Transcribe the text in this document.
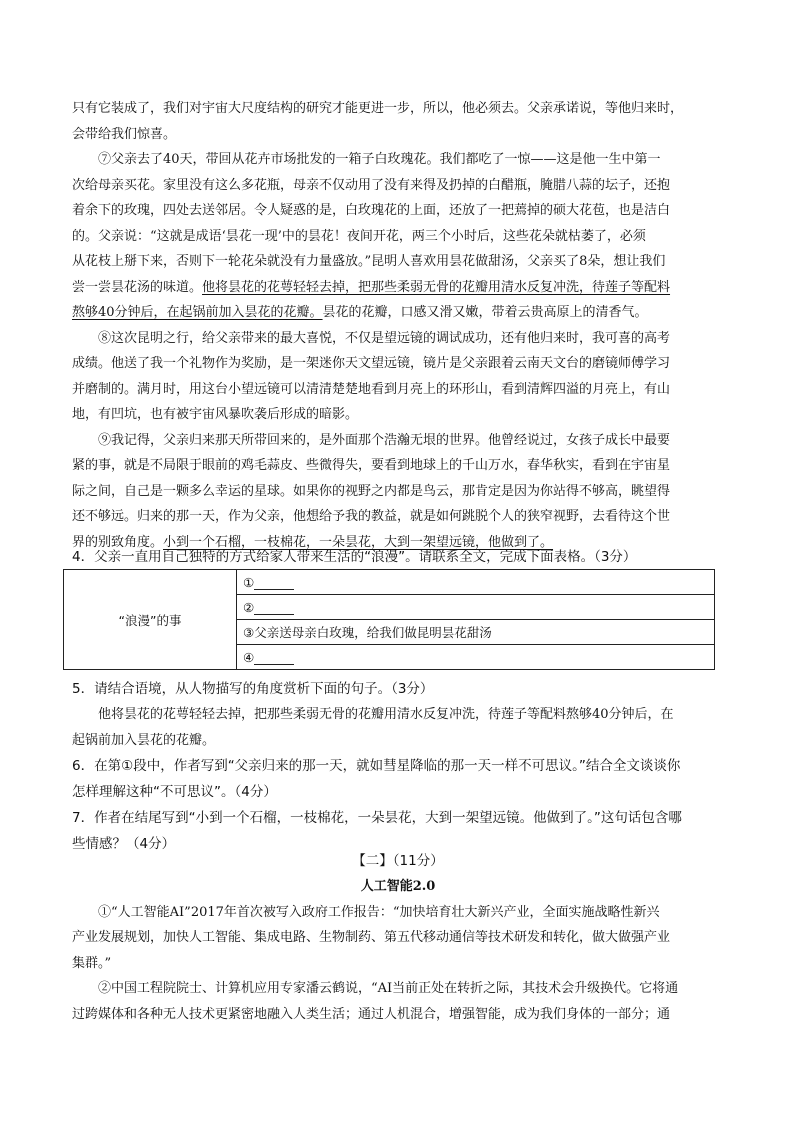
只有它装成了，我们对宇宙大尺度结构的研究才能更进一步，所以，他必须去。父亲承诺说，等他归来时，

会带给我们惊喜。

⑦父亲去了40天，带回从花卉市场批发的一箱子白玫瑰花。我们都吃了一惊——这是他一生中第一

次给母亲买花。家里没有这么多花瓶，母亲不仅动用了没有来得及扔掉的白醋瓶，腌腊八蒜的坛子，还抱

着余下的玫瑰，四处去送邻居。令人疑惑的是，白玫瑰花的上面，还放了一把蔫掉的硕大花苞，也是洁白

的。父亲说：“这就是成语‘昙花一现’中的昙花！夜间开花，两三个小时后，这些花朵就枯萎了，必须

从花枝上掰下来，否则下一轮花朵就没有力量盛放。”昆明人喜欢用昙花做甜汤，父亲买了8朵，想让我们

尝一尝昙花汤的味道。他将昙花的花萼轻轻去掉，把那些柔弱无骨的花瓣用清水反复冲洗，待莲子等配料

熬够40分钟后，在起锅前加入昙花的花瓣。昙花的花瓣，口感又滑又嫩，带着云贵高原上的清香气。

⑧这次昆明之行，给父亲带来的最大喜悦，不仅是望远镜的调试成功，还有他归来时，我可喜的高考

成绩。他送了我一个礼物作为奖励，是一架迷你天文望远镜，镜片是父亲跟着云南天文台的磨镜师傅学习

并磨制的。满月时，用这台小望远镜可以清清楚楚地看到月亮上的环形山，看到清辉四溢的月亮上，有山

地，有凹坑，也有被宇宙风暴吹袭后形成的暗影。

⑨我记得，父亲归来那天所带回来的，是外面那个浩瀚无垠的世界。他曾经说过，女孩子成长中最要

紧的事，就是不局限于眼前的鸡毛蒜皮、些微得失，要看到地球上的千山万水，春华秋实，看到在宇宙星

际之间，自己是一颗多么幸运的星球。如果你的视野之内都是鸟云，那肯定是因为你站得不够高，眺望得

还不够远。归来的那一天，作为父亲，他想给予我的教益，就是如何跳脱个人的狭窄视野，去看待这个世

界的别致角度。小到一个石榴，一枝棉花，一朵昙花，大到一架望远镜，他做到了。

4．父亲一直用自己独特的方式给家人带来生活的“浪漫”。请联系全文，完成下面表格。（3分）

“浪漫”的事	①
②
③父亲送母亲白玫瑰，给我们做昆明昙花甜汤
④

5．请结合语境，从人物描写的角度赏析下面的句子。（3分）

他将昙花的花萼轻轻去掉，把那些柔弱无骨的花瓣用清水反复冲洗，待莲子等配料熬够40分钟后，在

起锅前加入昙花的花瓣。

6．在第①段中，作者写到“父亲归来的那一天，就如彗星降临的那一天一样不可思议。”结合全文谈谈你

怎样理解这种“不可思议”。（4分）

7．作者在结尾写到“小到一个石榴，一枝棉花，一朵昙花，大到一架望远镜。他做到了。”这句话包含哪

些情感？（4分）

【二】（11分）

人工智能2.0

①“人工智能AI”2017年首次被写入政府工作报告：“加快培育壮大新兴产业，全面实施战略性新兴

产业发展规划，加快人工智能、集成电路、生物制药、第五代移动通信等技术研发和转化，做大做强产业

集群。”

②中国工程院院士、计算机应用专家潘云鹤说，“AI当前正处在转折之际，其技术会升级换代。它将通

过跨媒体和各种无人技术更紧密地融入人类生活；通过人机混合，增强智能，成为我们身体的一部分；通
